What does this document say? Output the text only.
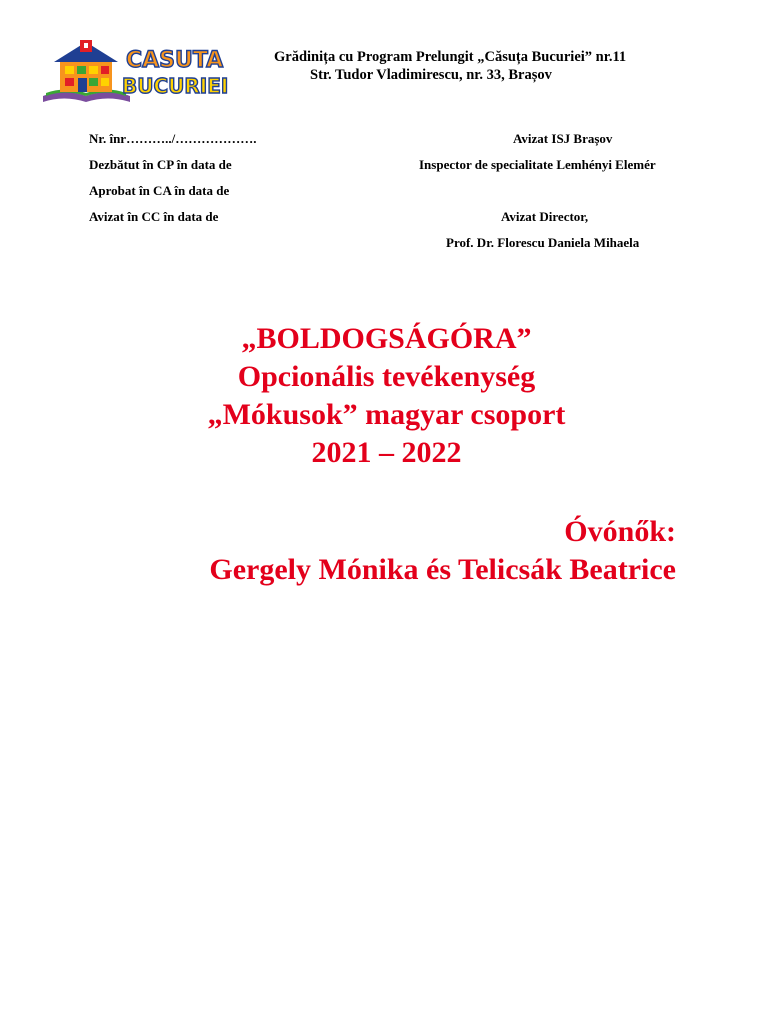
CASUTA
BUCURIEI
Grădinița cu Program Prelungit „Căsuța Bucuriei” nr.11
Str. Tudor Vladimirescu, nr. 33, Brașov
Nr. înr………../……………….
Dezbătut în CP în data de
Aprobat în CA în data de
Avizat în CC în data de
Avizat ISJ Brașov
Inspector de specialitate Lemhényi Elemér
Avizat Director,
Prof. Dr. Florescu Daniela Mihaela
„BOLDOGSÁGÓRA”
Opcionális tevékenység
„Mókusok” magyar csoport
2021 – 2022
Óvónők:
Gergely Mónika és Telicsák Beatrice
